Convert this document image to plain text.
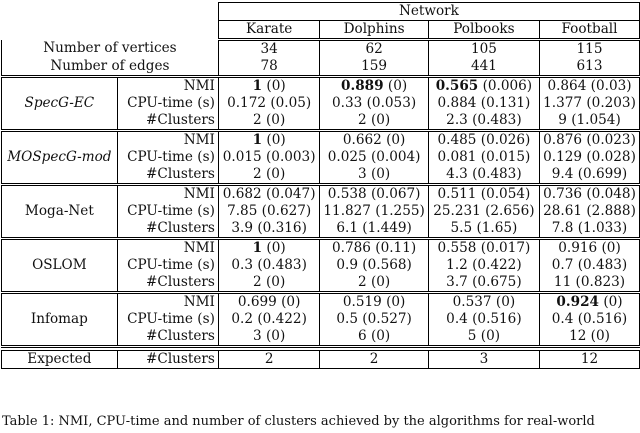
		Network			
		Karate	Dolphins	Polbooks	Football
Number of vertices		34	62	105	115
Number of edges		78	159	441	613
SpecG-EC	NMI	1 (0)	0.889 (0)	0.565 (0.006)	0.864 (0.03)
	CPU-time (s)	0.172 (0.05)	0.33 (0.053)	0.884 (0.131)	1.377 (0.203)
	#Clusters	2 (0)	2 (0)	2.3 (0.483)	9 (1.054)
MOSpecG-mod	NMI	1 (0)	0.662 (0)	0.485 (0.026)	0.876 (0.023)
	CPU-time (s)	0.015 (0.003)	0.025 (0.004)	0.081 (0.015)	0.129 (0.028)
	#Clusters	2 (0)	3 (0)	4.3 (0.483)	9.4 (0.699)
Moga-Net	NMI	0.682 (0.047)	0.538 (0.067)	0.511 (0.054)	0.736 (0.048)
	CPU-time (s)	7.85 (0.627)	11.827 (1.255)	25.231 (2.656)	28.61 (2.888)
	#Clusters	3.9 (0.316)	6.1 (1.449)	5.5 (1.65)	7.8 (1.033)
OSLOM	NMI	1 (0)	0.786 (0.11)	0.558 (0.017)	0.916 (0)
	CPU-time (s)	0.3 (0.483)	0.9 (0.568)	1.2 (0.422)	0.7 (0.483)
	#Clusters	2 (0)	2 (0)	3.7 (0.675)	11 (0.823)
Infomap	NMI	0.699 (0)	0.519 (0)	0.537 (0)	0.924 (0)
	CPU-time (s)	0.2 (0.422)	0.5 (0.527)	0.4 (0.516)	0.4 (0.516)
	#Clusters	3 (0)	6 (0)	5 (0)	12 (0)

Expected	#Clusters	2	2	3	12
Table 1: NMI, CPU-time and number of clusters achieved by the algorithms for real-world
